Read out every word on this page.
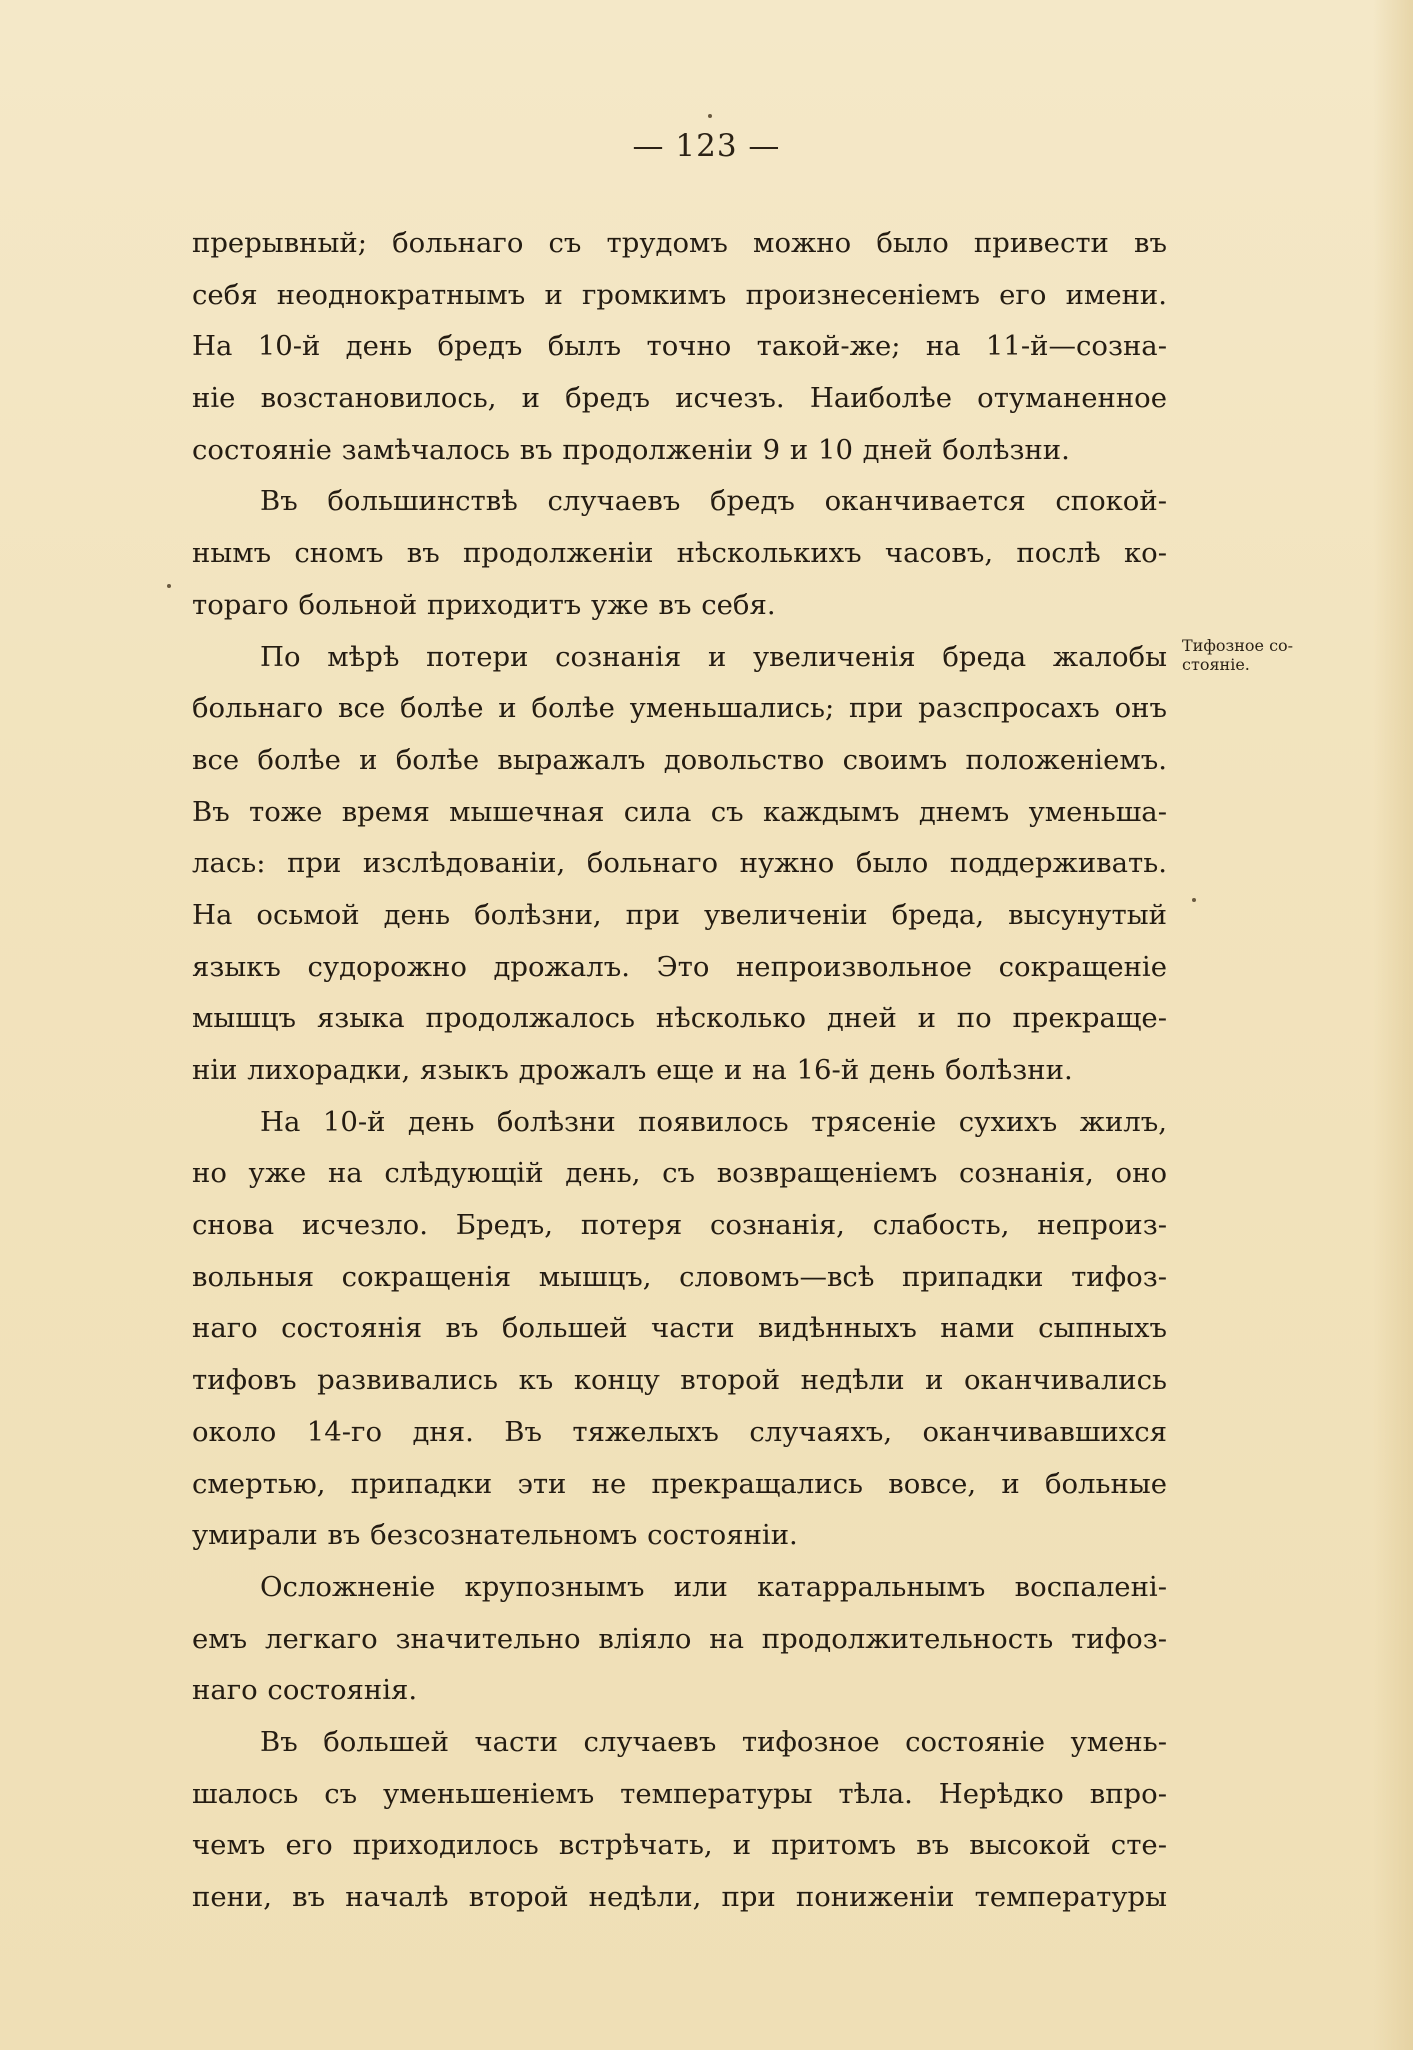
— 123 —
прерывный; больнаго съ трудомъ можно было привести въ
себя неоднократнымъ и громкимъ произнесеніемъ его имени.
На 10-й день бредъ былъ точно такой-же; на 11-й—созна-
ніе возстановилось, и бредъ исчезъ. Наиболѣе отуманенное
состояніе замѣчалось въ продолженіи 9 и 10 дней болѣзни.
Въ большинствѣ случаевъ бредъ оканчивается спокой-
нымъ сномъ въ продолженіи нѣсколькихъ часовъ, послѣ ко-
тораго больной приходитъ уже въ себя.
По мѣрѣ потери сознанія и увеличенія бреда жалобы
больнаго все болѣе и болѣе уменьшались; при разспросахъ онъ
все болѣе и болѣе выражалъ довольство своимъ положеніемъ.
Въ тоже время мышечная сила съ каждымъ днемъ уменьша-
лась: при изслѣдованіи, больнаго нужно было поддерживать.
На осьмой день болѣзни, при увеличеніи бреда, высунутый
языкъ судорожно дрожалъ. Это непроизвольное сокращеніе
мышцъ языка продолжалось нѣсколько дней и по прекраще-
ніи лихорадки, языкъ дрожалъ еще и на 16-й день болѣзни.
На 10-й день болѣзни появилось трясеніе сухихъ жилъ,
но уже на слѣдующій день, съ возвращеніемъ сознанія, оно
снова исчезло. Бредъ, потеря сознанія, слабость, непроиз-
вольныя сокращенія мышцъ, словомъ—всѣ припадки тифоз-
наго состоянія въ большей части видѣнныхъ нами сыпныхъ
тифовъ развивались къ концу второй недѣли и оканчивались
около 14-го дня. Въ тяжелыхъ случаяхъ, оканчивавшихся
смертью, припадки эти не прекращались вовсе, и больные
умирали въ безсознательномъ состояніи.
Осложненіе крупознымъ или катарральнымъ воспалені-
емъ легкаго значительно вліяло на продолжительность тифоз-
наго состоянія.
Въ большей части случаевъ тифозное состояніе умень-
шалось съ уменьшеніемъ температуры тѣла. Нерѣдко впро-
чемъ его приходилось встрѣчать, и притомъ въ высокой сте-
пени, въ началѣ второй недѣли, при пониженіи температуры
Тифозное со-
стояніе.
